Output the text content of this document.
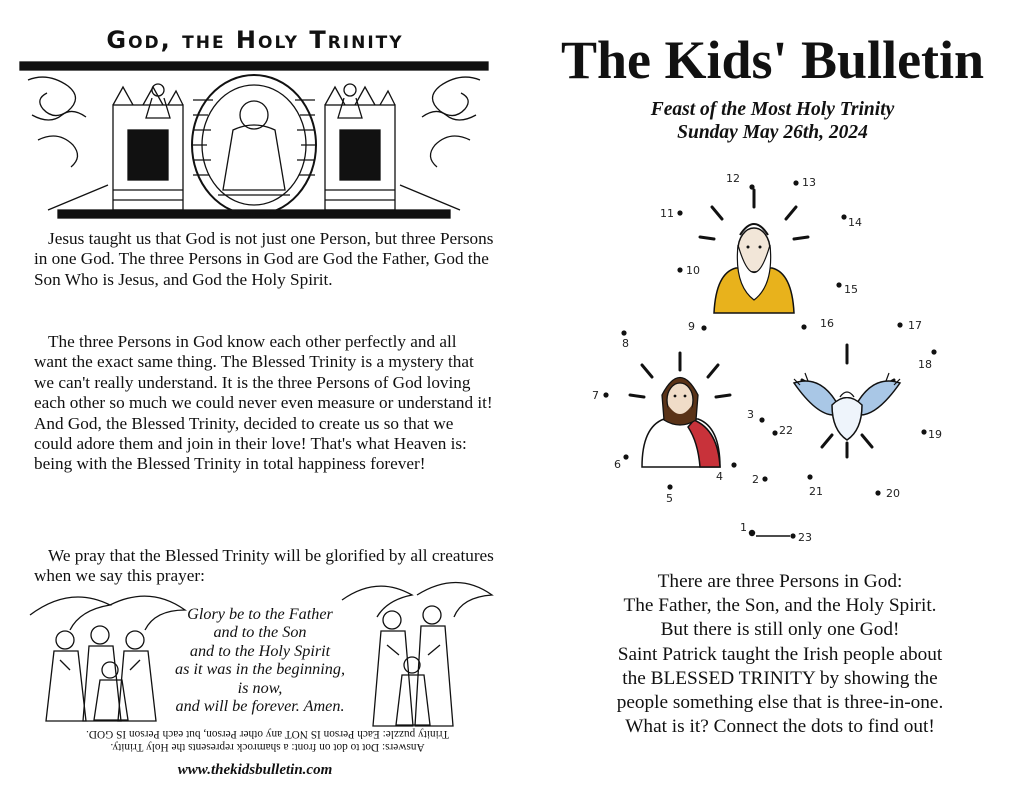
God, the Holy Trinity

Jesus taught us that God is not just one Person, but three Persons in one God. The three Persons in God are God the Father, God the Son Who is Jesus, and God the Holy Spirit.

The three Persons in God know each other perfectly and all want the exact same thing. The Blessed Trinity is a mystery that we can't really understand. It is the three Persons of God loving each other so much we could never even measure or understand it! And God, the Blessed Trinity, decided to create us so that we could adore them and join in their love! That's what Heaven is: being with the Blessed Trinity in total happiness forever!

We pray that the Blessed Trinity will be glorified by all creatures when we say this prayer:

Glory be to the Father
and to the Son
and to the Holy Spirit
as it was in the beginning,
is now,
and will be forever. Amen.
Answers: Dot to dot on front: a shamrock represents the Holy Trinity.
Trinity puzzle: Each Person IS NOT any other Person, but each Person IS GOD.
www.thekidsbulletin.com
The Kids' Bulletin
Feast of the Most Holy Trinity
Sunday May 26th, 2024
1
2
3
4
5
6
7
8
9
10
11
12	13
14
15
16	17
18
19
20
21
22
23
There are three Persons in God:
The Father, the Son, and the Holy Spirit.
But there is still only one God!
Saint Patrick taught the Irish people about
the BLESSED TRINITY by showing the
people something else that is three-in-one.
What is it? Connect the dots to find out!
